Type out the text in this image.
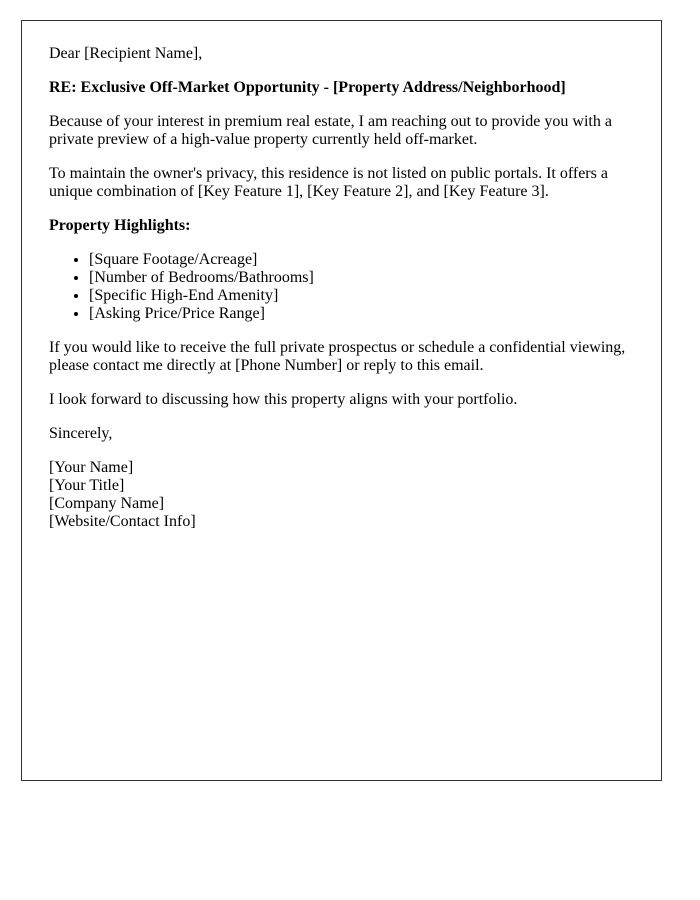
Dear [Recipient Name],

RE: Exclusive Off-Market Opportunity - [Property Address/Neighborhood]

Because of your interest in premium real estate, I am reaching out to provide you with a private preview of a high-value property currently held off-market.

To maintain the owner's privacy, this residence is not listed on public portals. It offers a unique combination of [Key Feature 1], [Key Feature 2], and [Key Feature 3].

Property Highlights:

• [Square Footage/Acreage]
• [Number of Bedrooms/Bathrooms]
• [Specific High-End Amenity]
• [Asking Price/Price Range]

If you would like to receive the full private prospectus or schedule a confidential viewing, please contact me directly at [Phone Number] or reply to this email.

I look forward to discussing how this property aligns with your portfolio.

Sincerely,

[Your Name]
[Your Title]
[Company Name]
[Website/Contact Info]
